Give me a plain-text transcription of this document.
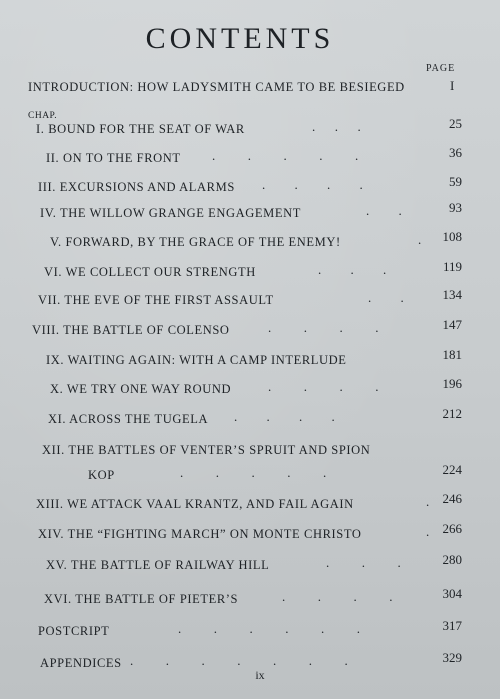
CONTENTS
PAGE
INTRODUCTION: HOW LADYSMITH CAME TO BE BESIEGED	I
CHAP.
I. BOUND FOR THE SEAT OF WAR	.      .      .	25
II. ON TO THE FRONT .          .          .          .          .	36
III. EXCURSIONS AND ALARMS .         .         .         .	59
IV. THE WILLOW GRANGE ENGAGEMENT	.         .	93
V. FORWARD, BY THE GRACE OF THE ENEMY!	. 108
VI. WE COLLECT OUR STRENGTH	.         .         .	119
VII. THE EVE OF THE FIRST ASSAULT	.         .	134
VIII. THE BATTLE OF COLENSO	.          .          .          .	147
IX. WAITING AGAIN: WITH A CAMP INTERLUDE	181
X. WE TRY ONE WAY ROUND	.          .          .          .	196
XI. ACROSS THE TUGELA .         .         .         .	212
XII. THE BATTLES OF VENTER’S SPRUIT AND SPION
KOP	.          .          .          .          .	224
XIII. WE ATTACK VAAL KRANTZ, AND FAIL AGAIN	. 246
XIV. THE “FIGHTING MARCH” ON MONTE CHRISTO	. 266
XV. THE BATTLE OF RAILWAY HILL	.          .          .	280
XVI. THE BATTLE OF PIETER’S	.          .          .          .	304
POSTCRIPT	.          .          .          .          .          .	317
APPENDICES .          .          .          .          .          .          .	329
ix
